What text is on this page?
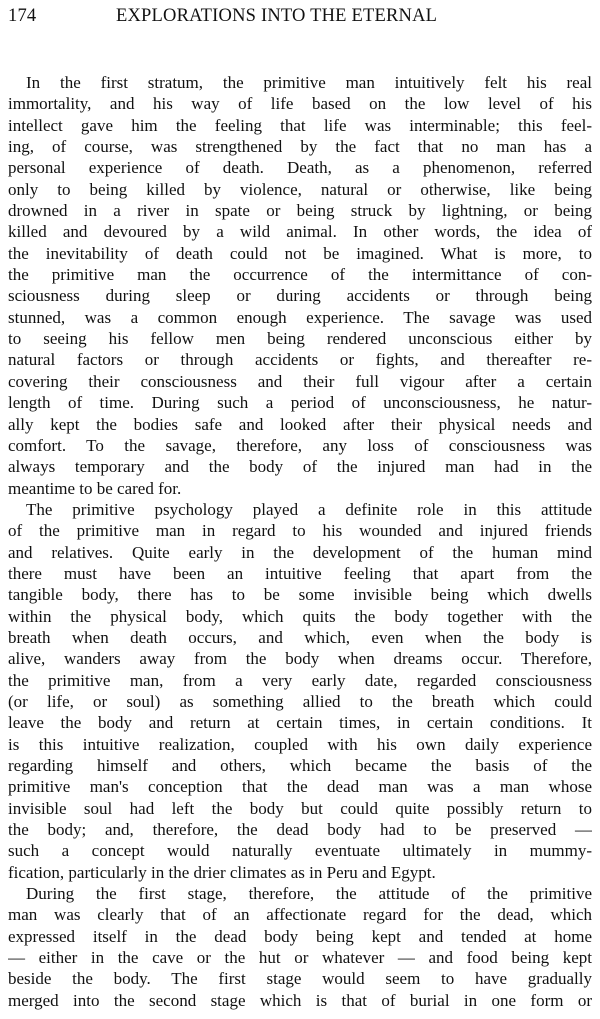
174	EXPLORATIONS INTO THE ETERNAL
In the first stratum, the primitive man intuitively felt his real
immortality, and his way of life based on the low level of his
intellect gave him the feeling that life was interminable; this feel-
ing, of course, was strengthened by the fact that no man has a
personal experience of death. Death, as a phenomenon, referred
only to being killed by violence, natural or otherwise, like being
drowned in a river in spate or being struck by lightning, or being
killed and devoured by a wild animal. In other words, the idea of
the inevitability of death could not be imagined. What is more, to
the primitive man the occurrence of the intermittance of con-
sciousness during sleep or during accidents or through being
stunned, was a common enough experience. The savage was used
to seeing his fellow men being rendered unconscious either by
natural factors or through accidents or fights, and thereafter re-
covering their consciousness and their full vigour after a certain
length of time. During such a period of unconsciousness, he natur-
ally kept the bodies safe and looked after their physical needs and
comfort. To the savage, therefore, any loss of consciousness was
always temporary and the body of the injured man had in the
meantime to be cared for.
The primitive psychology played a definite role in this attitude
of the primitive man in regard to his wounded and injured friends
and relatives. Quite early in the development of the human mind
there must have been an intuitive feeling that apart from the
tangible body, there has to be some invisible being which dwells
within the physical body, which quits the body together with the
breath when death occurs, and which, even when the body is
alive, wanders away from the body when dreams occur. Therefore,
the primitive man, from a very early date, regarded consciousness
(or life, or soul) as something allied to the breath which could
leave the body and return at certain times, in certain conditions. It
is this intuitive realization, coupled with his own daily experience
regarding himself and others, which became the basis of the
primitive man's conception that the dead man was a man whose
invisible soul had left the body but could quite possibly return to
the body; and, therefore, the dead body had to be preserved —
such a concept would naturally eventuate ultimately in mummy-
fication, particularly in the drier climates as in Peru and Egypt.
During the first stage, therefore, the attitude of the primitive
man was clearly that of an affectionate regard for the dead, which
expressed itself in the dead body being kept and tended at home
— either in the cave or the hut or whatever — and food being kept
beside the body. The first stage would seem to have gradually
merged into the second stage which is that of burial in one form or
